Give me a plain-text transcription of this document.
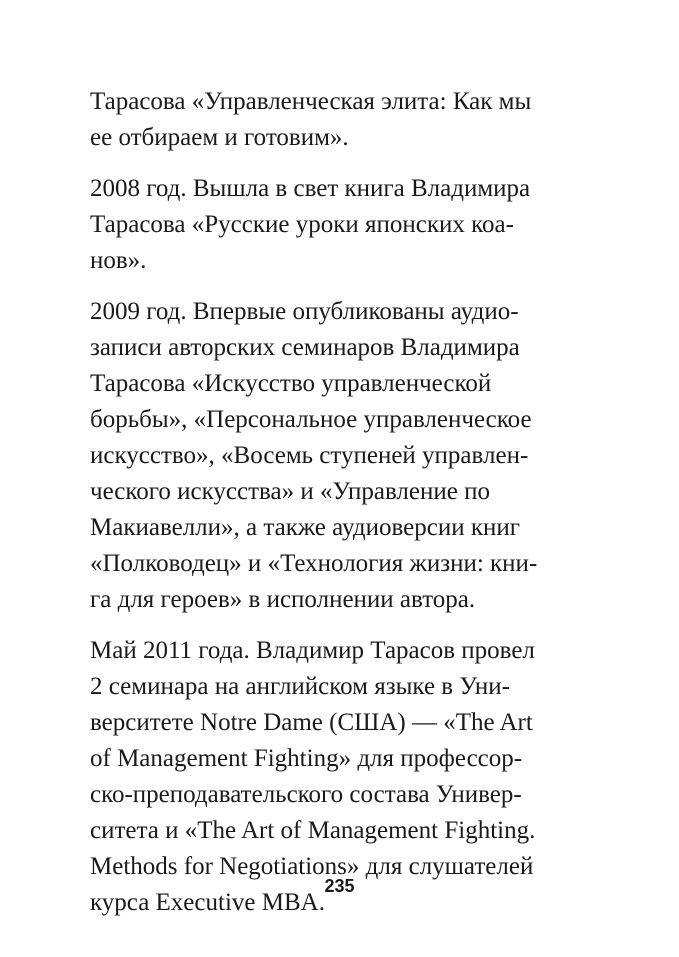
Тарасова «Управленческая элита: Как мы
ее отбираем и готовим».

2008 год. Вышла в свет книга Владимира
Тарасова «Русские уроки японских коа-
нов».

2009 год. Впервые опубликованы аудио-
записи авторских семинаров Владимира
Тарасова «Искусство управленческой
борьбы», «Персональное управленческое
искусство», «Восемь ступеней управлен-
ческого искусства» и «Управление по
Макиавелли», а также аудиоверсии книг
«Полководец» и «Технология жизни: кни-
га для героев» в исполнении автора.

Май 2011 года. Владимир Тарасов провел
2 семинара на английском языке в Уни-
верситете Notre Dame (США) — «The Art
of Management Fighting» для профессор-
ско-преподавательского состава Универ-
ситета и «The Art of Management Fighting.
Methods for Negotiations» для слушателей
курса Executive MBA.

235
